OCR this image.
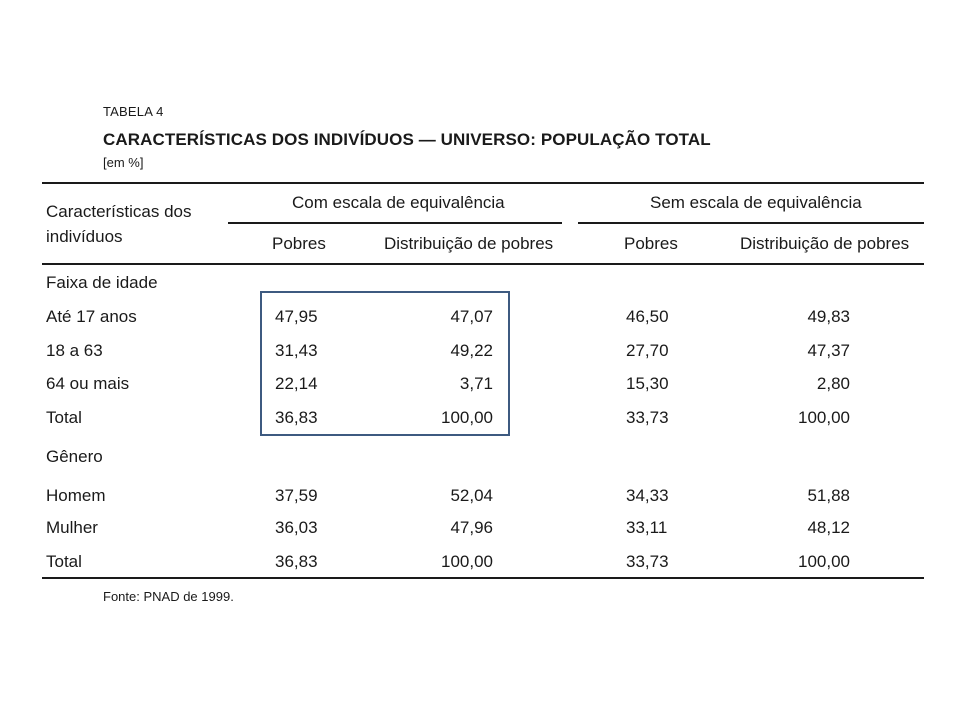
TABELA 4
CARACTERÍSTICAS DOS INDIVÍDUOS — UNIVERSO: POPULAÇÃO TOTAL
[em %]
Características dos
indivíduos
Com escala de equivalência	Sem escala de equivalência
Pobres	Distribuição de pobres	Pobres	Distribuição de pobres
Faixa de idade
Até 17 anos	47,95	47,07	46,50	49,83
18 a 63	31,43	49,22	27,70	47,37
64 ou mais	22,14	3,71	15,30	2,80
Total	36,83	100,00	33,73	100,00
Gênero
Homem	37,59	52,04	34,33	51,88
Mulher	36,03	47,96	33,11	48,12
Total	36,83	100,00	33,73	100,00
Fonte: PNAD de 1999.
